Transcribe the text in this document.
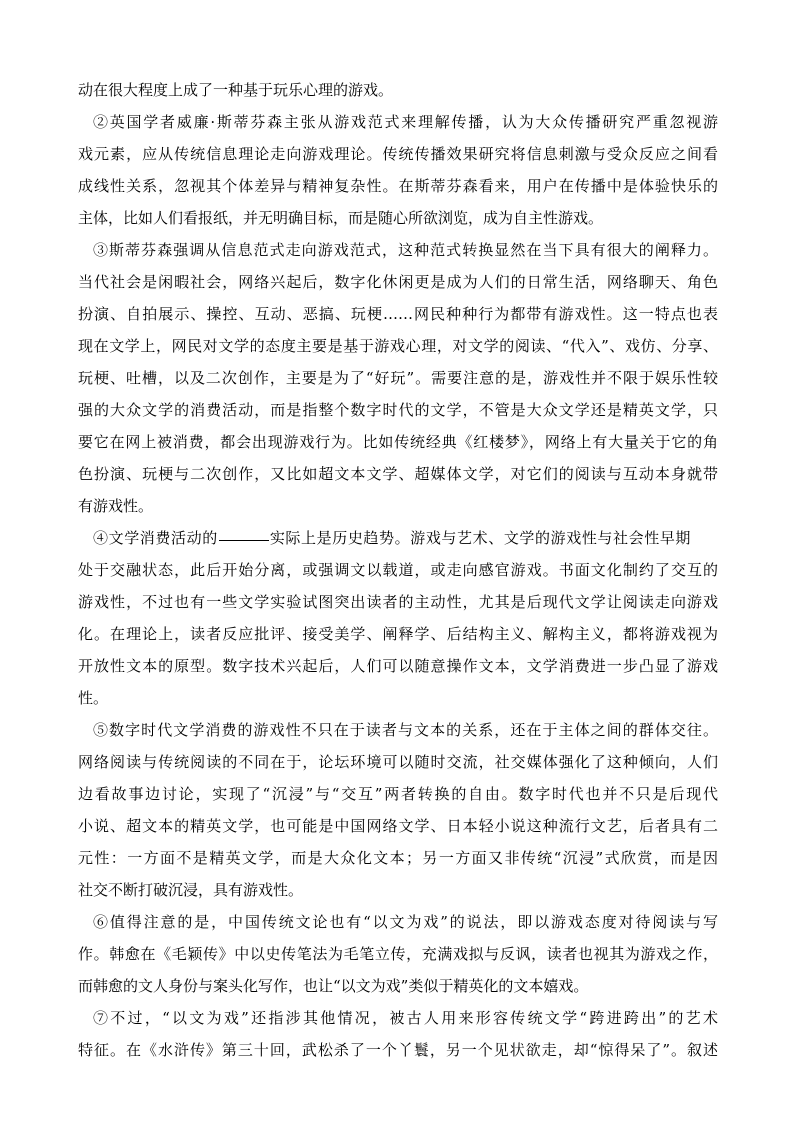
动在很大程度上成了一种基于玩乐心理的游戏。
②英国学者威廉·斯蒂芬森主张从游戏范式来理解传播，认为大众传播研究严重忽视游
戏元素，应从传统信息理论走向游戏理论。传统传播效果研究将信息刺激与受众反应之间看
成线性关系，忽视其个体差异与精神复杂性。在斯蒂芬森看来，用户在传播中是体验快乐的
主体，比如人们看报纸，并无明确目标，而是随心所欲浏览，成为自主性游戏。
③斯蒂芬森强调从信息范式走向游戏范式，这种范式转换显然在当下具有很大的阐释力。
当代社会是闲暇社会，网络兴起后，数字化休闲更是成为人们的日常生活，网络聊天、角色
扮演、自拍展示、操控、互动、恶搞、玩梗……网民种种行为都带有游戏性。这一特点也表
现在文学上，网民对文学的态度主要是基于游戏心理，对文学的阅读、“代入”、戏仿、分享、
玩梗、吐槽，以及二次创作，主要是为了“好玩”。需要注意的是，游戏性并不限于娱乐性较
强的大众文学的消费活动，而是指整个数字时代的文学，不管是大众文学还是精英文学，只
要它在网上被消费，都会出现游戏行为。比如传统经典《红楼梦》，网络上有大量关于它的角
色扮演、玩梗与二次创作，又比如超文本文学、超媒体文学，对它们的阅读与互动本身就带
有游戏性。
④文学消费活动的	实际上是历史趋势。游戏与艺术、文学的游戏性与社会性早期
处于交融状态，此后开始分离，或强调文以载道，或走向感官游戏。书面文化制约了交互的
游戏性，不过也有一些文学实验试图突出读者的主动性，尤其是后现代文学让阅读走向游戏
化。在理论上，读者反应批评、接受美学、阐释学、后结构主义、解构主义，都将游戏视为
开放性文本的原型。数字技术兴起后，人们可以随意操作文本，文学消费进一步凸显了游戏
性。
⑤数字时代文学消费的游戏性不只在于读者与文本的关系，还在于主体之间的群体交往。
网络阅读与传统阅读的不同在于，论坛环境可以随时交流，社交媒体强化了这种倾向，人们
边看故事边讨论，实现了“沉浸”与“交互”两者转换的自由。数字时代也并不只是后现代
小说、超文本的精英文学，也可能是中国网络文学、日本轻小说这种流行文艺，后者具有二
元性：一方面不是精英文学，而是大众化文本；另一方面又非传统“沉浸”式欣赏，而是因
社交不断打破沉浸，具有游戏性。
⑥值得注意的是，中国传统文论也有“以文为戏”的说法，即以游戏态度对待阅读与写
作。韩愈在《毛颖传》中以史传笔法为毛笔立传，充满戏拟与反讽，读者也视其为游戏之作，
而韩愈的文人身份与案头化写作，也让“以文为戏”类似于精英化的文本嬉戏。
⑦不过，“以文为戏”还指涉其他情况，被古人用来形容传统文学“跨进跨出”的艺术
特征。在《水浒传》第三十回，武松杀了一个丫鬟，另一个见状欲走，却“惊得呆了”。叙述
